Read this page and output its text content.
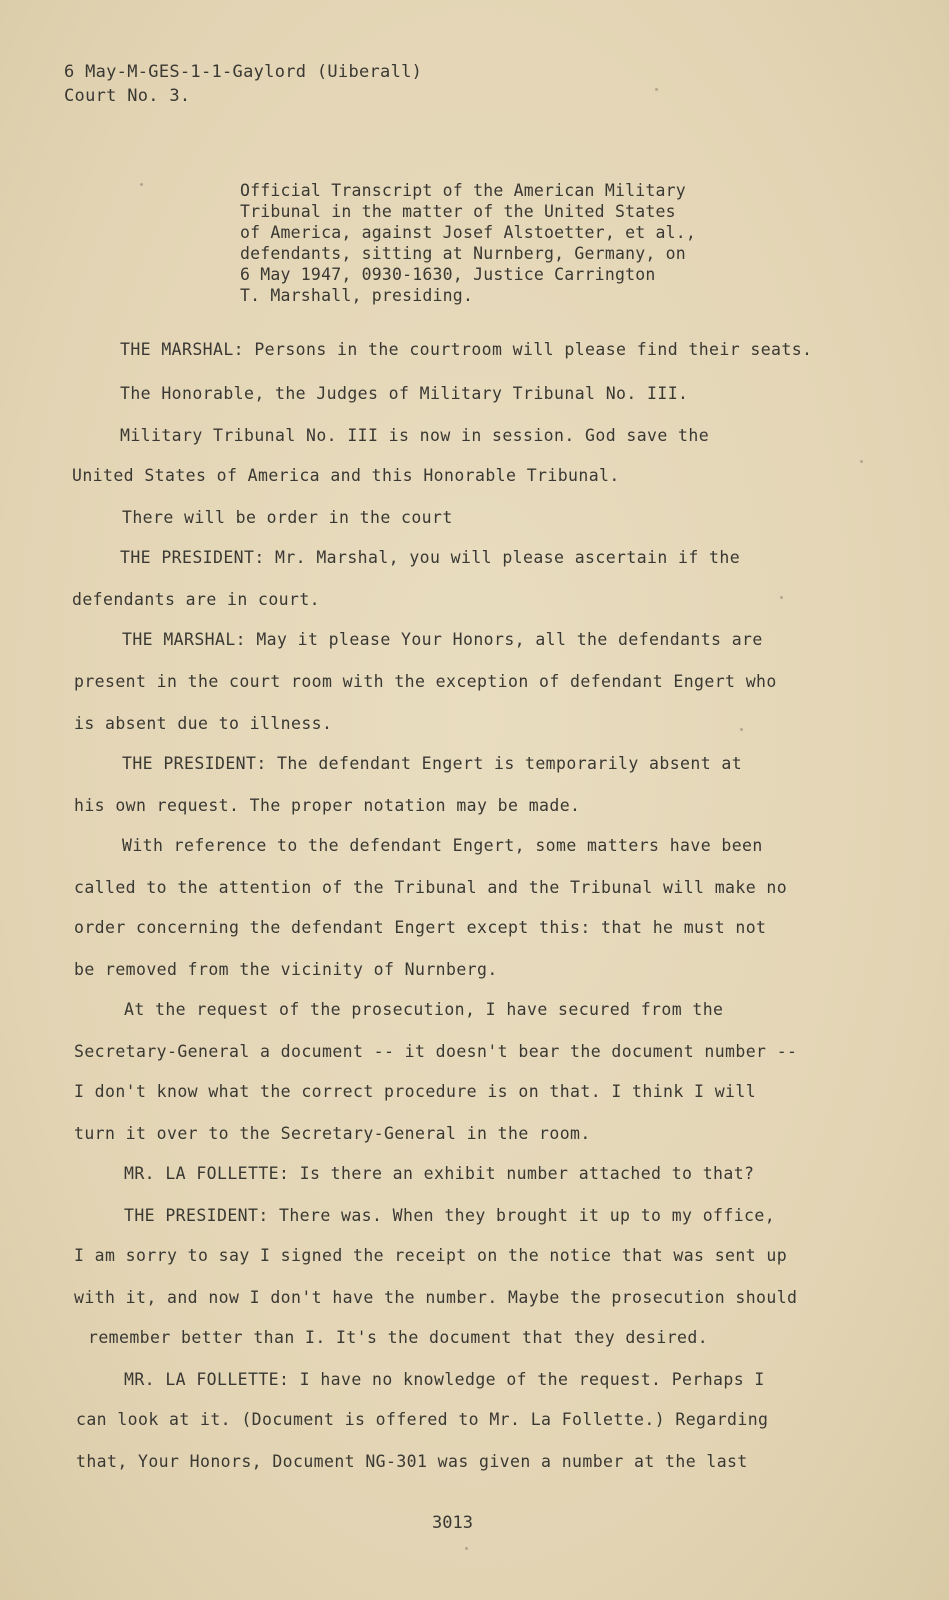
6 May-M-GES-1-1-Gaylord (Uiberall)
Court No. 3.
Official Transcript of the American Military
Tribunal in the matter of the United States
of America, against Josef Alstoetter, et al.,
defendants, sitting at Nurnberg, Germany, on
6 May 1947, 0930-1630, Justice Carrington
T. Marshall, presiding.
THE MARSHAL: Persons in the courtroom will please find their seats.
The Honorable, the Judges of Military Tribunal No. III.
Military Tribunal No. III is now in session. God save the
United States of America and this Honorable Tribunal.
There will be order in the court
THE PRESIDENT: Mr. Marshal, you will please ascertain if the
defendants are in court.
THE MARSHAL: May it please Your Honors, all the defendants are
present in the court room with the exception of defendant Engert who
is absent due to illness.
THE PRESIDENT: The defendant Engert is temporarily absent at
his own request. The proper notation may be made.
With reference to the defendant Engert, some matters have been
called to the attention of the Tribunal and the Tribunal will make no
order concerning the defendant Engert except this: that he must not
be removed from the vicinity of Nurnberg.
At the request of the prosecution, I have secured from the
Secretary-General a document -- it doesn't bear the document number --
I don't know what the correct procedure is on that. I think I will
turn it over to the Secretary-General in the room.
MR. LA FOLLETTE: Is there an exhibit number attached to that?
THE PRESIDENT: There was. When they brought it up to my office,
I am sorry to say I signed the receipt on the notice that was sent up
with it, and now I don't have the number. Maybe the prosecution should
remember better than I. It's the document that they desired.
MR. LA FOLLETTE: I have no knowledge of the request. Perhaps I
can look at it. (Document is offered to Mr. La Follette.) Regarding
that, Your Honors, Document NG-301 was given a number at the last
3013
